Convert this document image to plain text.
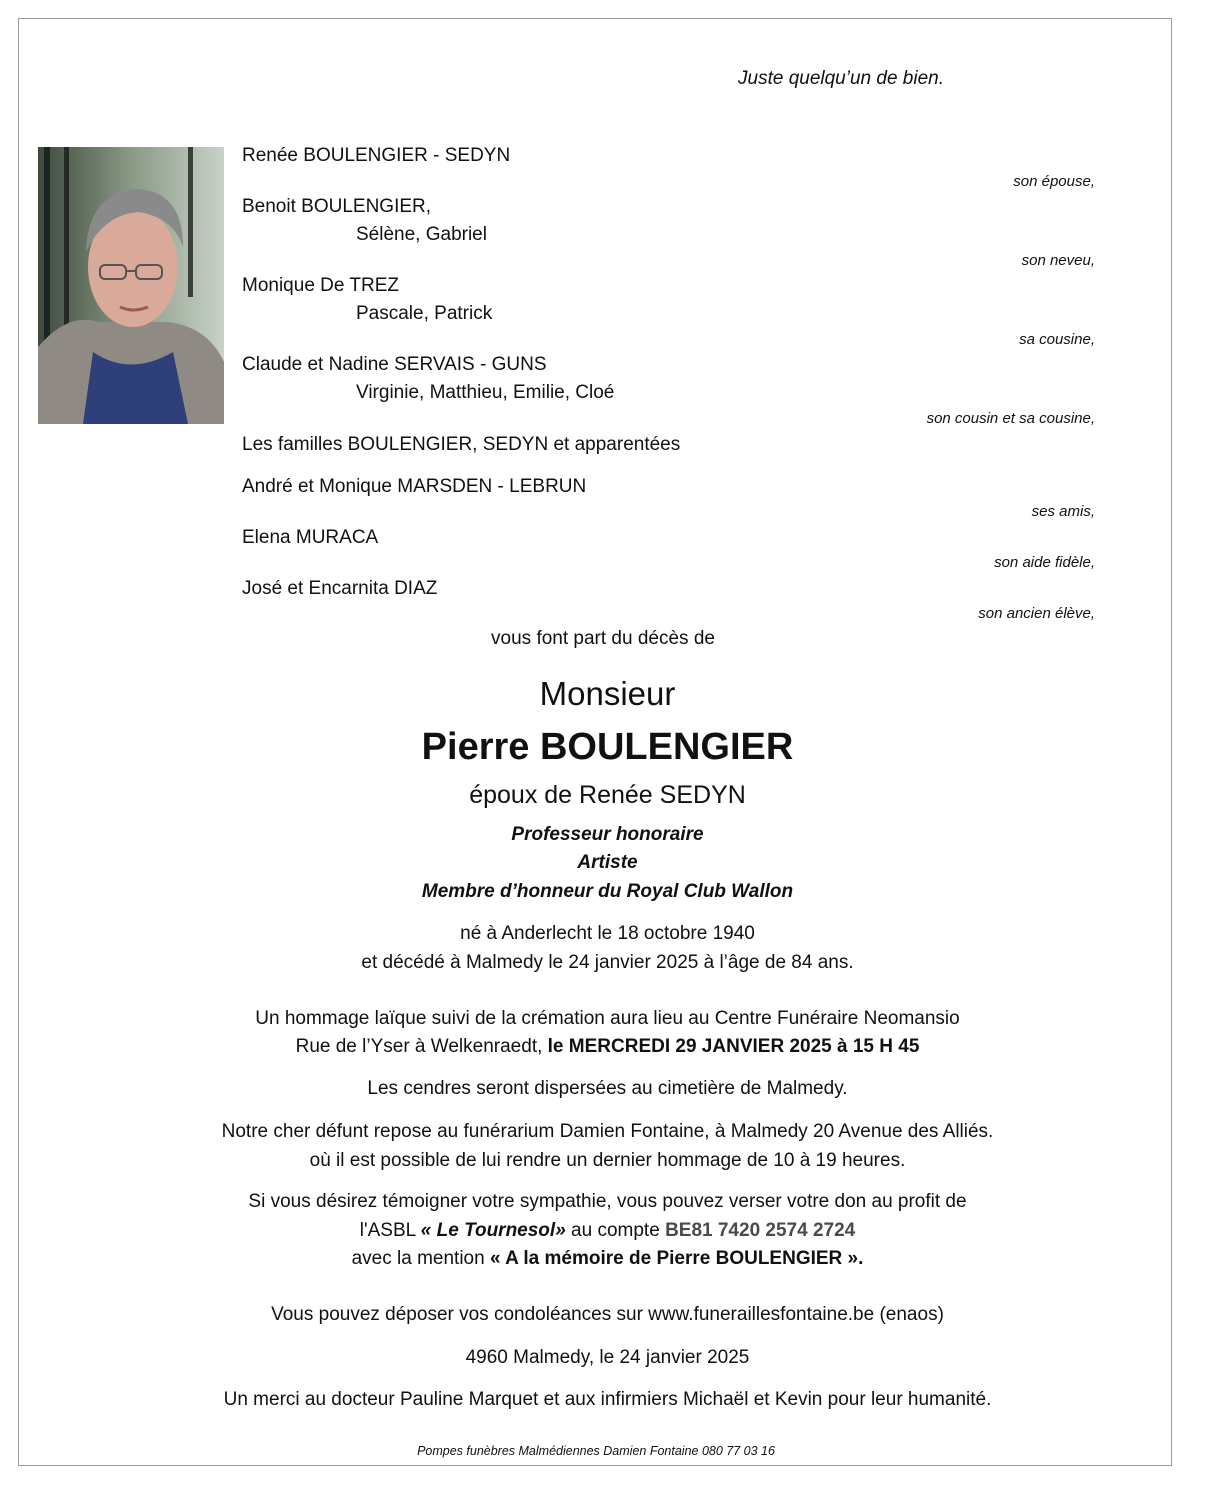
Juste quelqu’un de bien.
Renée BOULENGIER - SEDYN
son épouse,
Benoit BOULENGIER,
Sélène, Gabriel
son neveu,
Monique De TREZ
Pascale, Patrick
sa cousine,
Claude et Nadine SERVAIS - GUNS
Virginie, Matthieu, Emilie, Cloé
son cousin et sa cousine,
Les familles BOULENGIER, SEDYN et apparentées
André et Monique MARSDEN - LEBRUN
ses amis,
Elena MURACA
son aide fidèle,
José et Encarnita DIAZ
son ancien élève,
vous font part du décès de
Monsieur
Pierre BOULENGIER
époux de Renée SEDYN
Professeur honoraire
Artiste
Membre d’honneur du Royal Club Wallon
né à Anderlecht le 18 octobre 1940
et décédé à Malmedy le 24 janvier 2025 à l’âge de 84 ans.
Un hommage laïque suivi de la crémation aura lieu au Centre Funéraire Neomansio
Rue de l’Yser à Welkenraedt, le MERCREDI 29 JANVIER 2025 à 15 H 45
Les cendres seront dispersées au cimetière de Malmedy.
Notre cher défunt repose au funérarium Damien Fontaine, à Malmedy 20 Avenue des Alliés.
où il est possible de lui rendre un dernier hommage de 10 à 19 heures.
Si vous désirez témoigner votre sympathie, vous pouvez verser votre don au profit de
l'ASBL « Le Tournesol» au compte BE81 7420 2574 2724
avec la mention « A la mémoire de Pierre BOULENGIER ».
Vous pouvez déposer vos condoléances sur www.funeraillesfontaine.be (enaos)
4960 Malmedy, le 24 janvier 2025
Un merci au docteur Pauline Marquet et aux infirmiers Michaël et Kevin pour leur humanité.
Pompes funèbres Malmédiennes Damien Fontaine 080 77 03 16
